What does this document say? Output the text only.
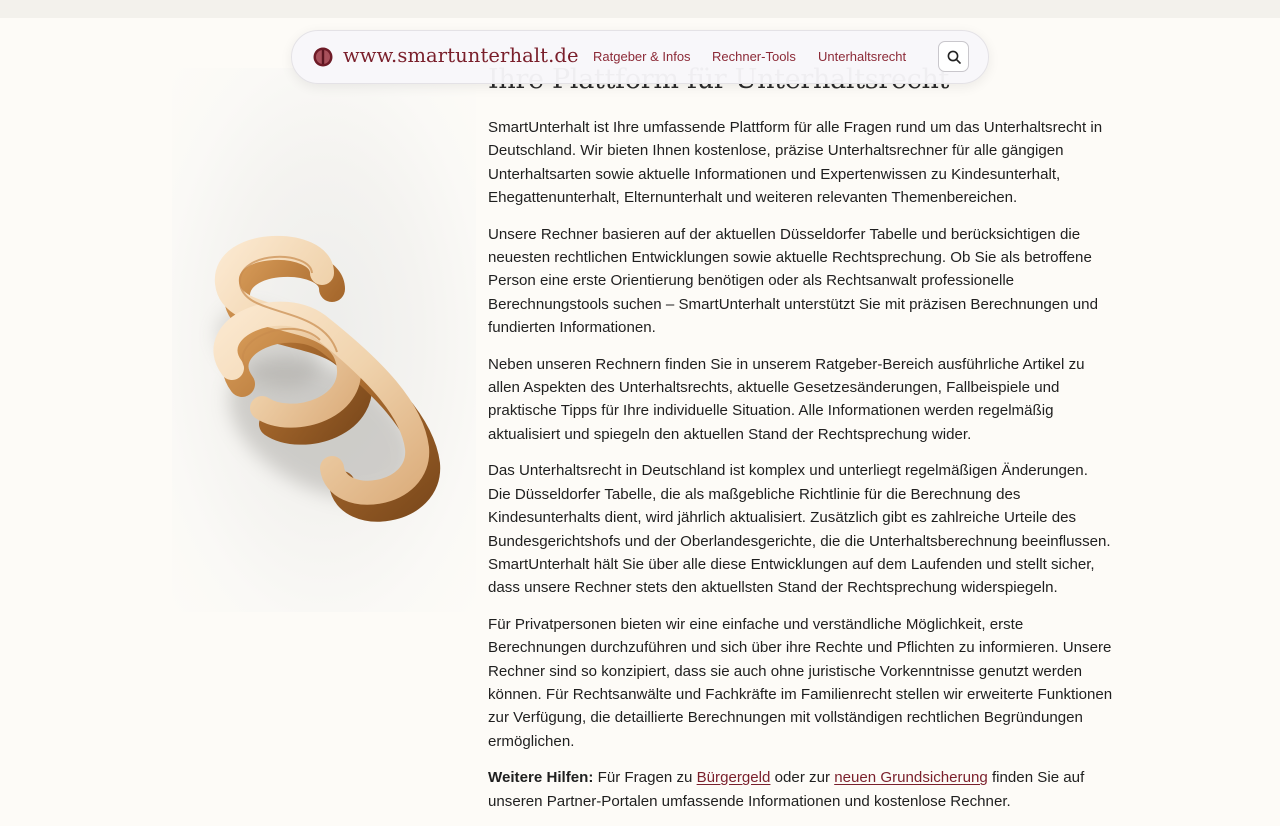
SmartUnterhalt ist Ihre umfassende Plattform für alle Fragen rund um das Unterhaltsrecht in Deutschland. Wir bieten Ihnen kostenlose, präzise Unterhaltsrechner für alle gängigen Unterhaltsarten sowie aktuelle Informationen und Expertenwissen zu Kindesunterhalt, Ehegattenunterhalt, Elternunterhalt und weiteren relevanten Themenbereichen.

Unsere Rechner basieren auf der aktuellen Düsseldorfer Tabelle und berücksichtigen die neuesten rechtlichen Entwicklungen sowie aktuelle Rechtsprechung. Ob Sie als betroffene Person eine erste Orientierung benötigen oder als Rechtsanwalt professionelle Berechnungstools suchen – SmartUnterhalt unterstützt Sie mit präzisen Berechnungen und fundierten Informationen.

Neben unseren Rechnern finden Sie in unserem Ratgeber-Bereich ausführliche Artikel zu allen Aspekten des Unterhaltsrechts, aktuelle Gesetzesänderungen, Fallbeispiele und praktische Tipps für Ihre individuelle Situation. Alle Informationen werden regelmäßig aktualisiert und spiegeln den aktuellen Stand der Rechtsprechung wider.

Das Unterhaltsrecht in Deutschland ist komplex und unterliegt regelmäßigen Änderungen. Die Düsseldorfer Tabelle, die als maßgebliche Richtlinie für die Berechnung des Kindesunterhalts dient, wird jährlich aktualisiert. Zusätzlich gibt es zahlreiche Urteile des Bundesgerichtshofs und der Oberlandesgerichte, die die Unterhaltsberechnung beeinflussen. SmartUnterhalt hält Sie über alle diese Entwicklungen auf dem Laufenden und stellt sicher, dass unsere Rechner stets den aktuellsten Stand der Rechtsprechung widerspiegeln.

Für Privatpersonen bieten wir eine einfache und verständliche Möglichkeit, erste Berechnungen durchzuführen und sich über ihre Rechte und Pflichten zu informieren. Unsere Rechner sind so konzipiert, dass sie auch ohne juristische Vorkenntnisse genutzt werden können. Für Rechtsanwälte und Fachkräfte im Familienrecht stellen wir erweiterte Funktionen zur Verfügung, die detaillierte Berechnungen mit vollständigen rechtlichen Begründungen ermöglichen.

Weitere Hilfen: Für Fragen zu Bürgergeld oder zur neuen Grundsicherung finden Sie auf unseren Partner-Portalen umfassende Informationen und kostenlose Rechner.

www.smartunterhalt.de Ratgeber & Infos Rechner-Tools Unterhaltsrecht
